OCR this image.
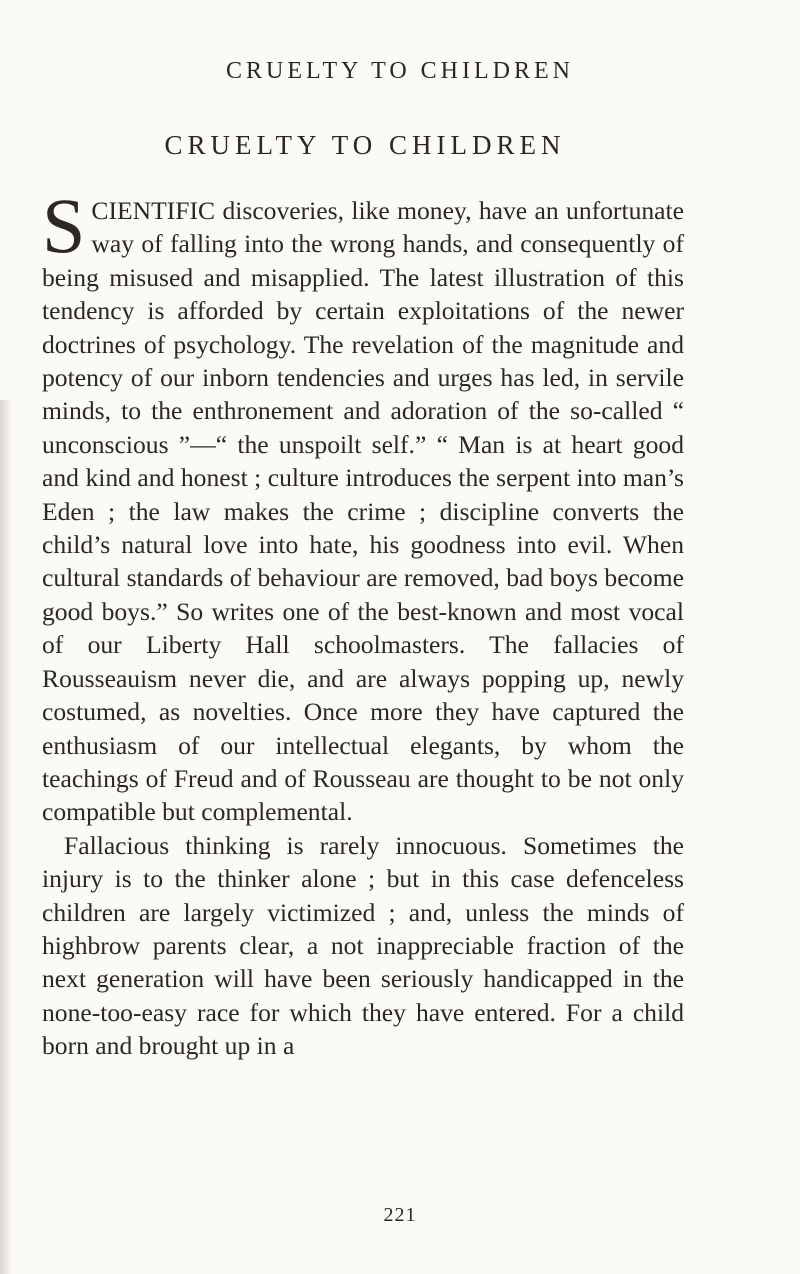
CRUELTY TO CHILDREN
CRUELTY TO CHILDREN

SCIENTIFIC discoveries, like money, have an unfortunate way of falling into the wrong hands, and consequently of being misused and misapplied. The latest illustration of this tendency is afforded by certain exploitations of the newer doctrines of psychology. The revelation of the magnitude and potency of our inborn tendencies and urges has led, in servile minds, to the enthronement and adoration of the so-called “ unconscious ”—“ the unspoilt self.” “ Man is at heart good and kind and honest ; culture introduces the serpent into man’s Eden ; the law makes the crime ; discipline converts the child’s natural love into hate, his goodness into evil. When cultural standards of behaviour are removed, bad boys become good boys.” So writes one of the best-known and most vocal of our Liberty Hall schoolmasters. The fallacies of Rousseauism never die, and are always popping up, newly costumed, as novelties. Once more they have captured the enthusiasm of our intellectual elegants, by whom the teachings of Freud and of Rousseau are thought to be not only compatible but complemental.

Fallacious thinking is rarely innocuous. Sometimes the injury is to the thinker alone ; but in this case defenceless children are largely victimized ; and, unless the minds of highbrow parents clear, a not inappreciable fraction of the next generation will have been seriously handicapped in the none-too-easy race for which they have entered. For a child born and brought up in a

221
